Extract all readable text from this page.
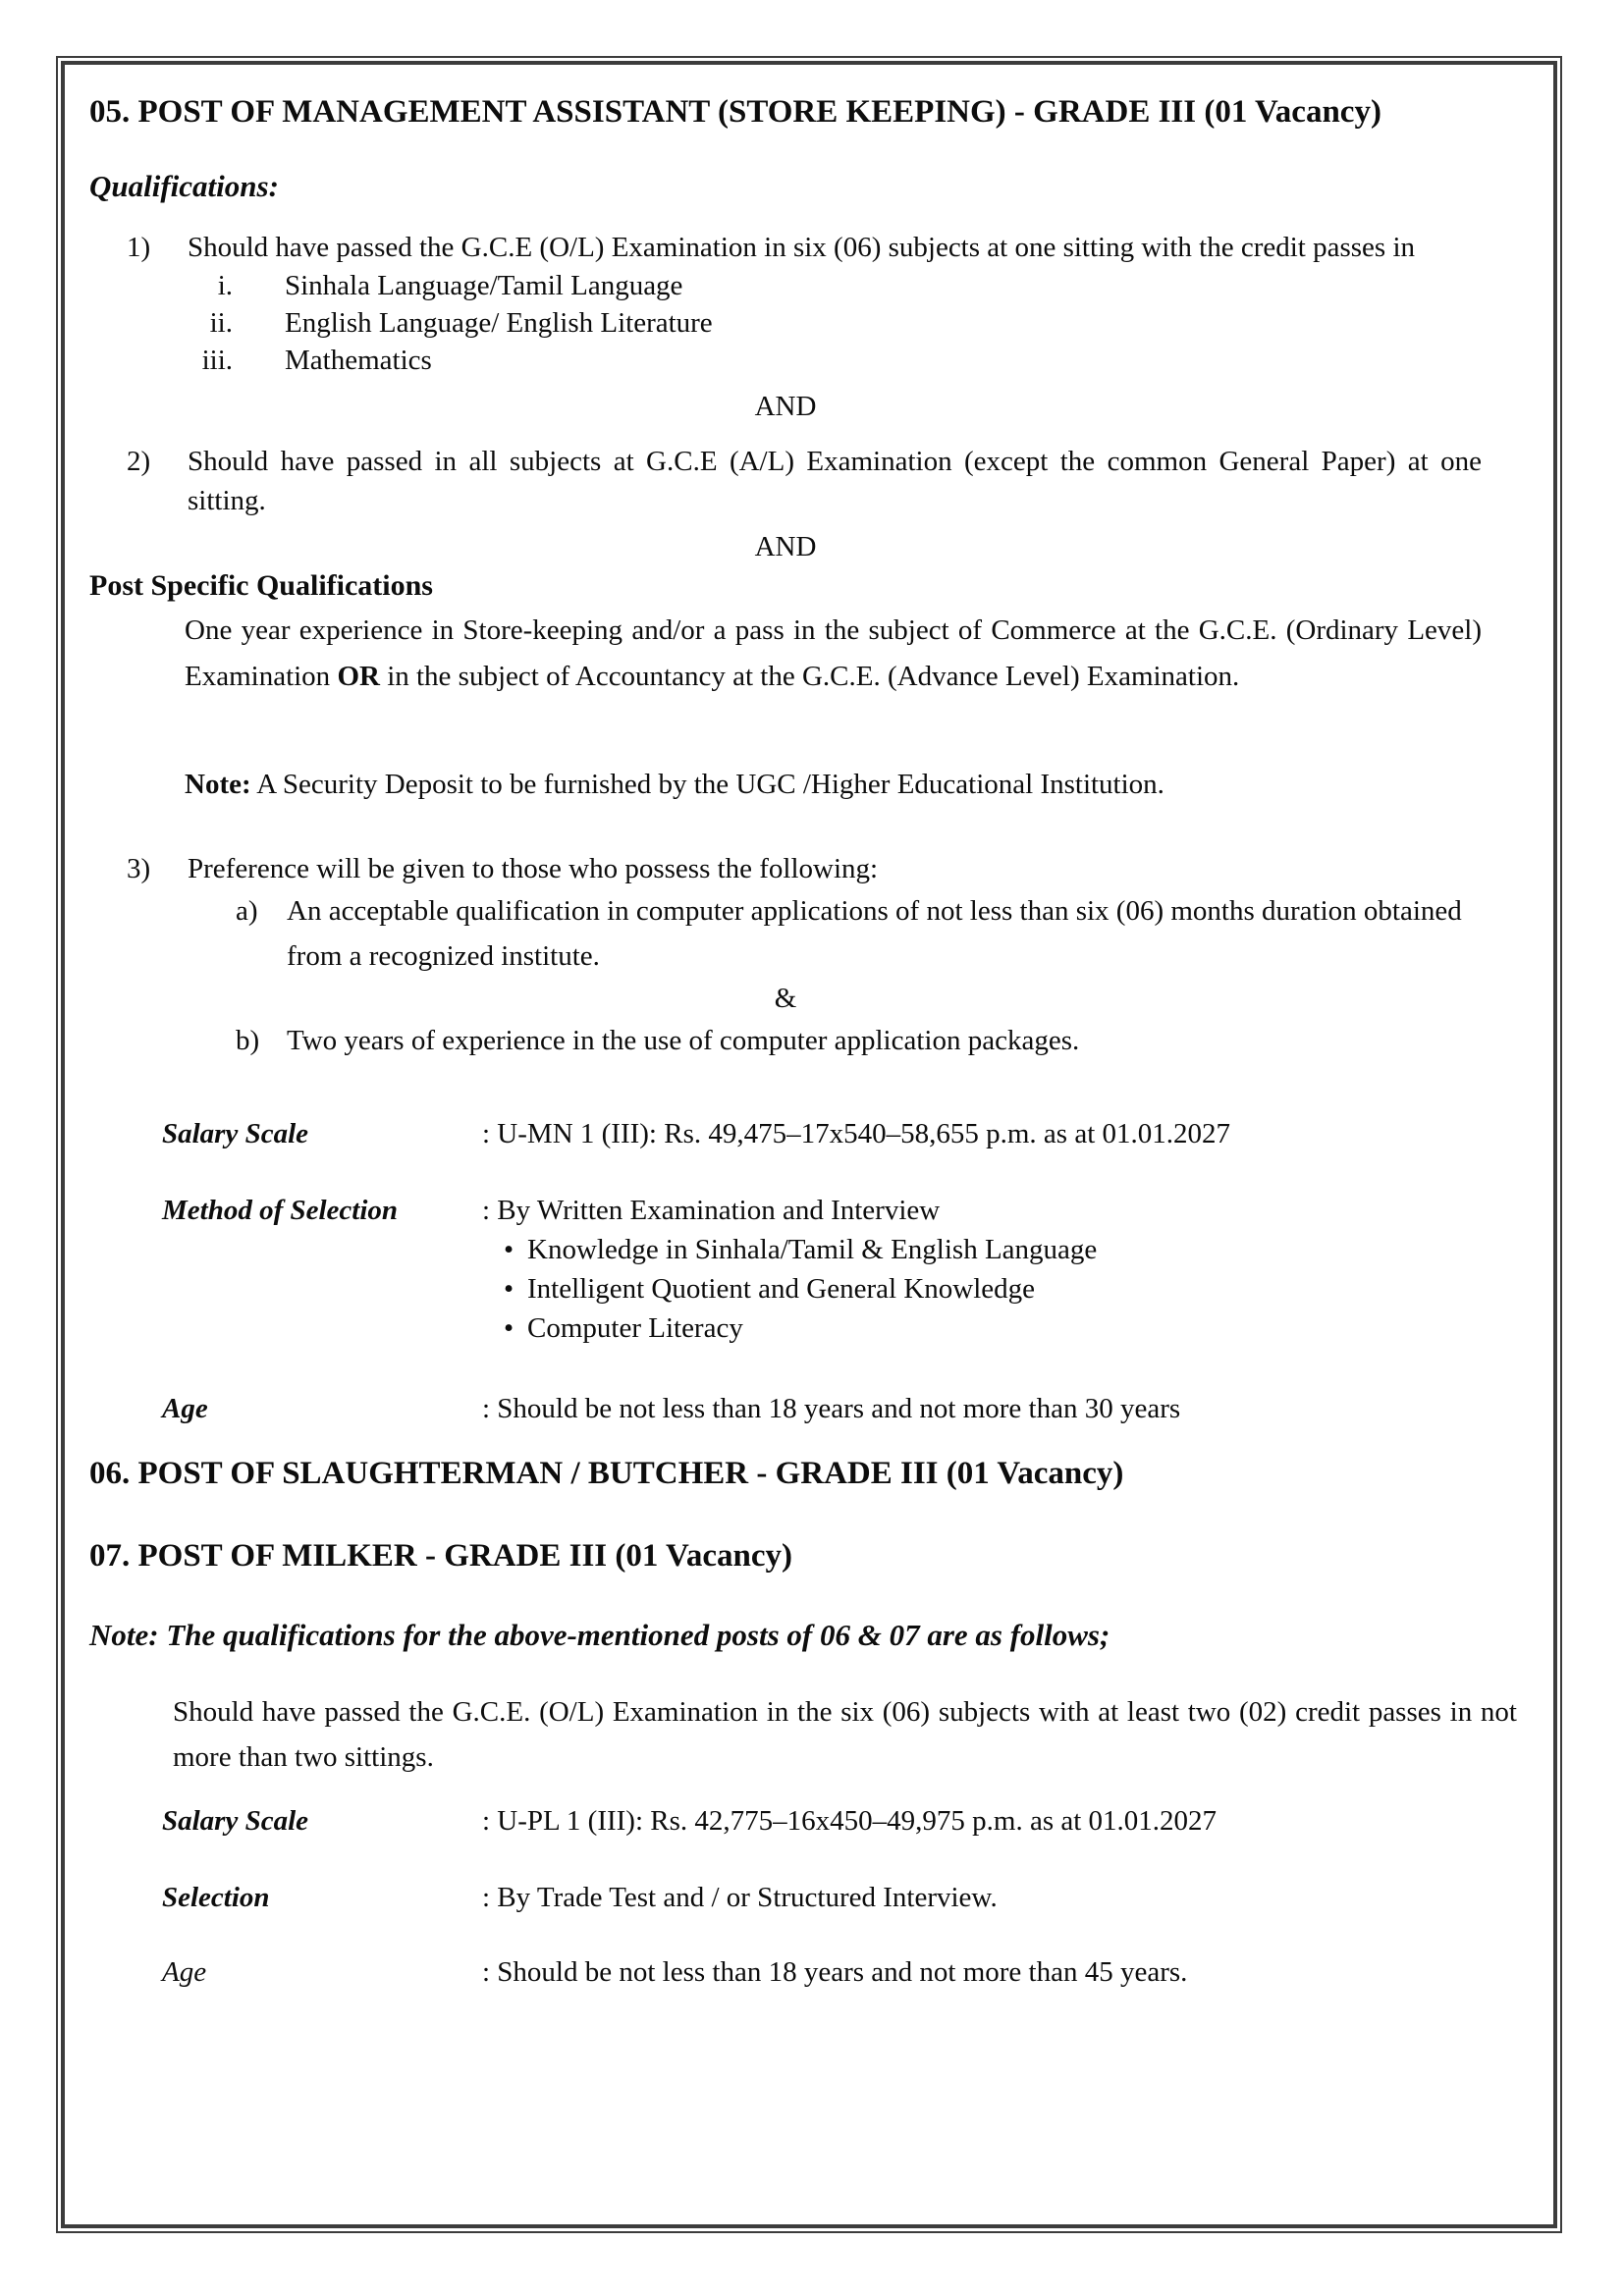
05. POST OF MANAGEMENT ASSISTANT (STORE KEEPING) - GRADE III (01 Vacancy)
Qualifications:
1) Should have passed the G.C.E (O/L) Examination in six (06) subjects at one sitting with the credit passes in
i. Sinhala Language/Tamil Language
ii. English Language/ English Literature
iii. Mathematics
AND
2) Should have passed in all subjects at G.C.E (A/L) Examination (except the common General Paper) at one sitting.
AND
Post Specific Qualifications
One year experience in Store-keeping and/or a pass in the subject of Commerce at the G.C.E. (Ordinary Level) Examination OR in the subject of Accountancy at the G.C.E. (Advance Level) Examination.
Note: A Security Deposit to be furnished by the UGC /Higher Educational Institution.
3) Preference will be given to those who possess the following:
a) An acceptable qualification in computer applications of not less than six (06) months duration obtained from a recognized institute.
&
b) Two years of experience in the use of computer application packages.
Salary Scale	: U-MN 1 (III): Rs. 49,475–17x540–58,655 p.m. as at 01.01.2027
Method of Selection	: By Written Examination and Interview
• Knowledge in Sinhala/Tamil & English Language
• Intelligent Quotient and General Knowledge
• Computer Literacy
Age	: Should be not less than 18 years and not more than 30 years
06. POST OF SLAUGHTERMAN / BUTCHER - GRADE III (01 Vacancy)
07. POST OF MILKER - GRADE III (01 Vacancy)
Note: The qualifications for the above-mentioned posts of 06 & 07 are as follows;
Should have passed the G.C.E. (O/L) Examination in the six (06) subjects with at least two (02) credit passes in not more than two sittings.
Salary Scale	: U-PL 1 (III): Rs. 42,775–16x450–49,975 p.m. as at 01.01.2027
Selection	: By Trade Test and / or Structured Interview.
Age	: Should be not less than 18 years and not more than 45 years.
